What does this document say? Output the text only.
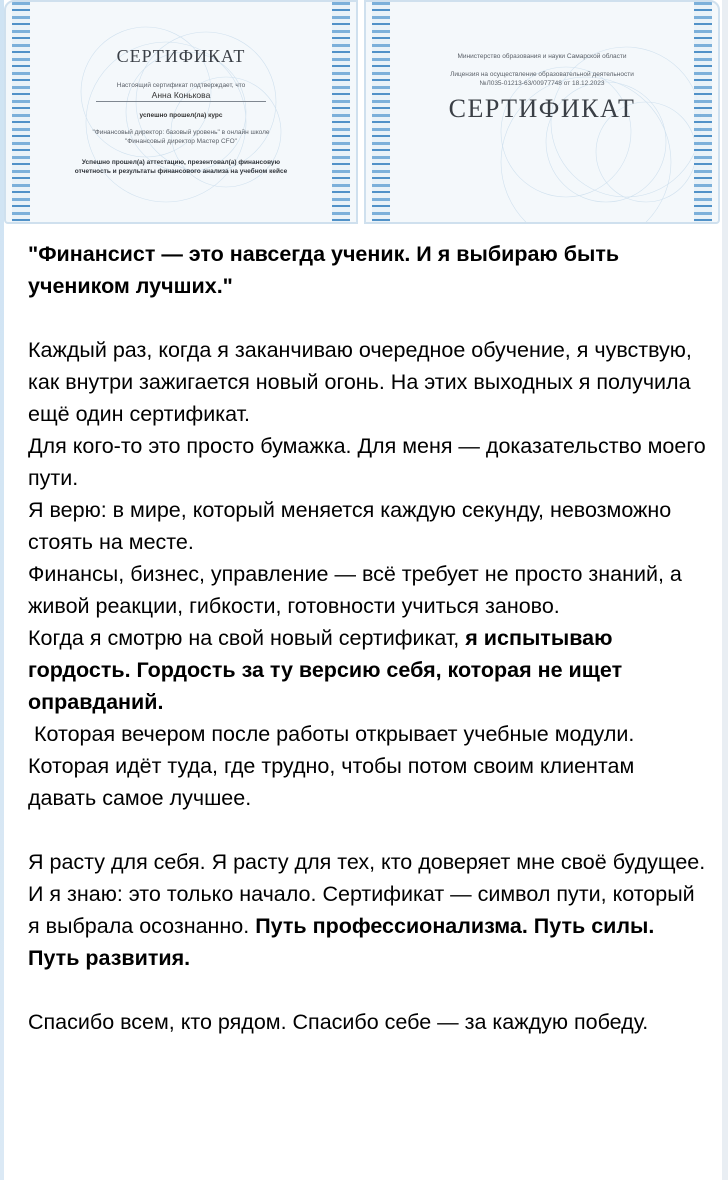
СЕРТИФИКАТ
Настоящий сертификат подтверждает, что
Анна Конькова
успешно прошел(ла) курс
"Финансовый директор: базовый уровень" в онлайн школе
"Финансовый директор Мастер CFO"
Успешно прошел(а) аттестацию, презентовал(а) финансовую
отчетность и результаты финансового анализа на учебном кейсе
Министерство образования и науки Самарской области
Лицензия на осуществление образовательной деятельности
№Л035-01213-63/00977748 от 18.12.2023
СЕРТИФИКАТ

"Финансист — это навсегда ученик. И я выбираю быть учеником лучших."

Каждый раз, когда я заканчиваю очередное обучение, я чувствую, как внутри зажигается новый огонь. На этих выходных я получила ещё один сертификат.

Для кого-то это просто бумажка. Для меня — доказательство моего пути.

Я верю: в мире, который меняется каждую секунду, невозможно стоять на месте.

Финансы, бизнес, управление — всё требует не просто знаний, а живой реакции, гибкости, готовности учиться заново.

Когда я смотрю на свой новый сертификат, я испытываю гордость. Гордость за ту версию себя, которая не ищет оправданий.

Которая вечером после работы открывает учебные модули. Которая идёт туда, где трудно, чтобы потом своим клиентам давать самое лучшее.

Я расту для себя. Я расту для тех, кто доверяет мне своё будущее. И я знаю: это только начало. Сертификат — символ пути, который я выбрала осознанно. Путь профессионализма. Путь силы. Путь развития.

Спасибо всем, кто рядом. Спасибо себе — за каждую победу.
